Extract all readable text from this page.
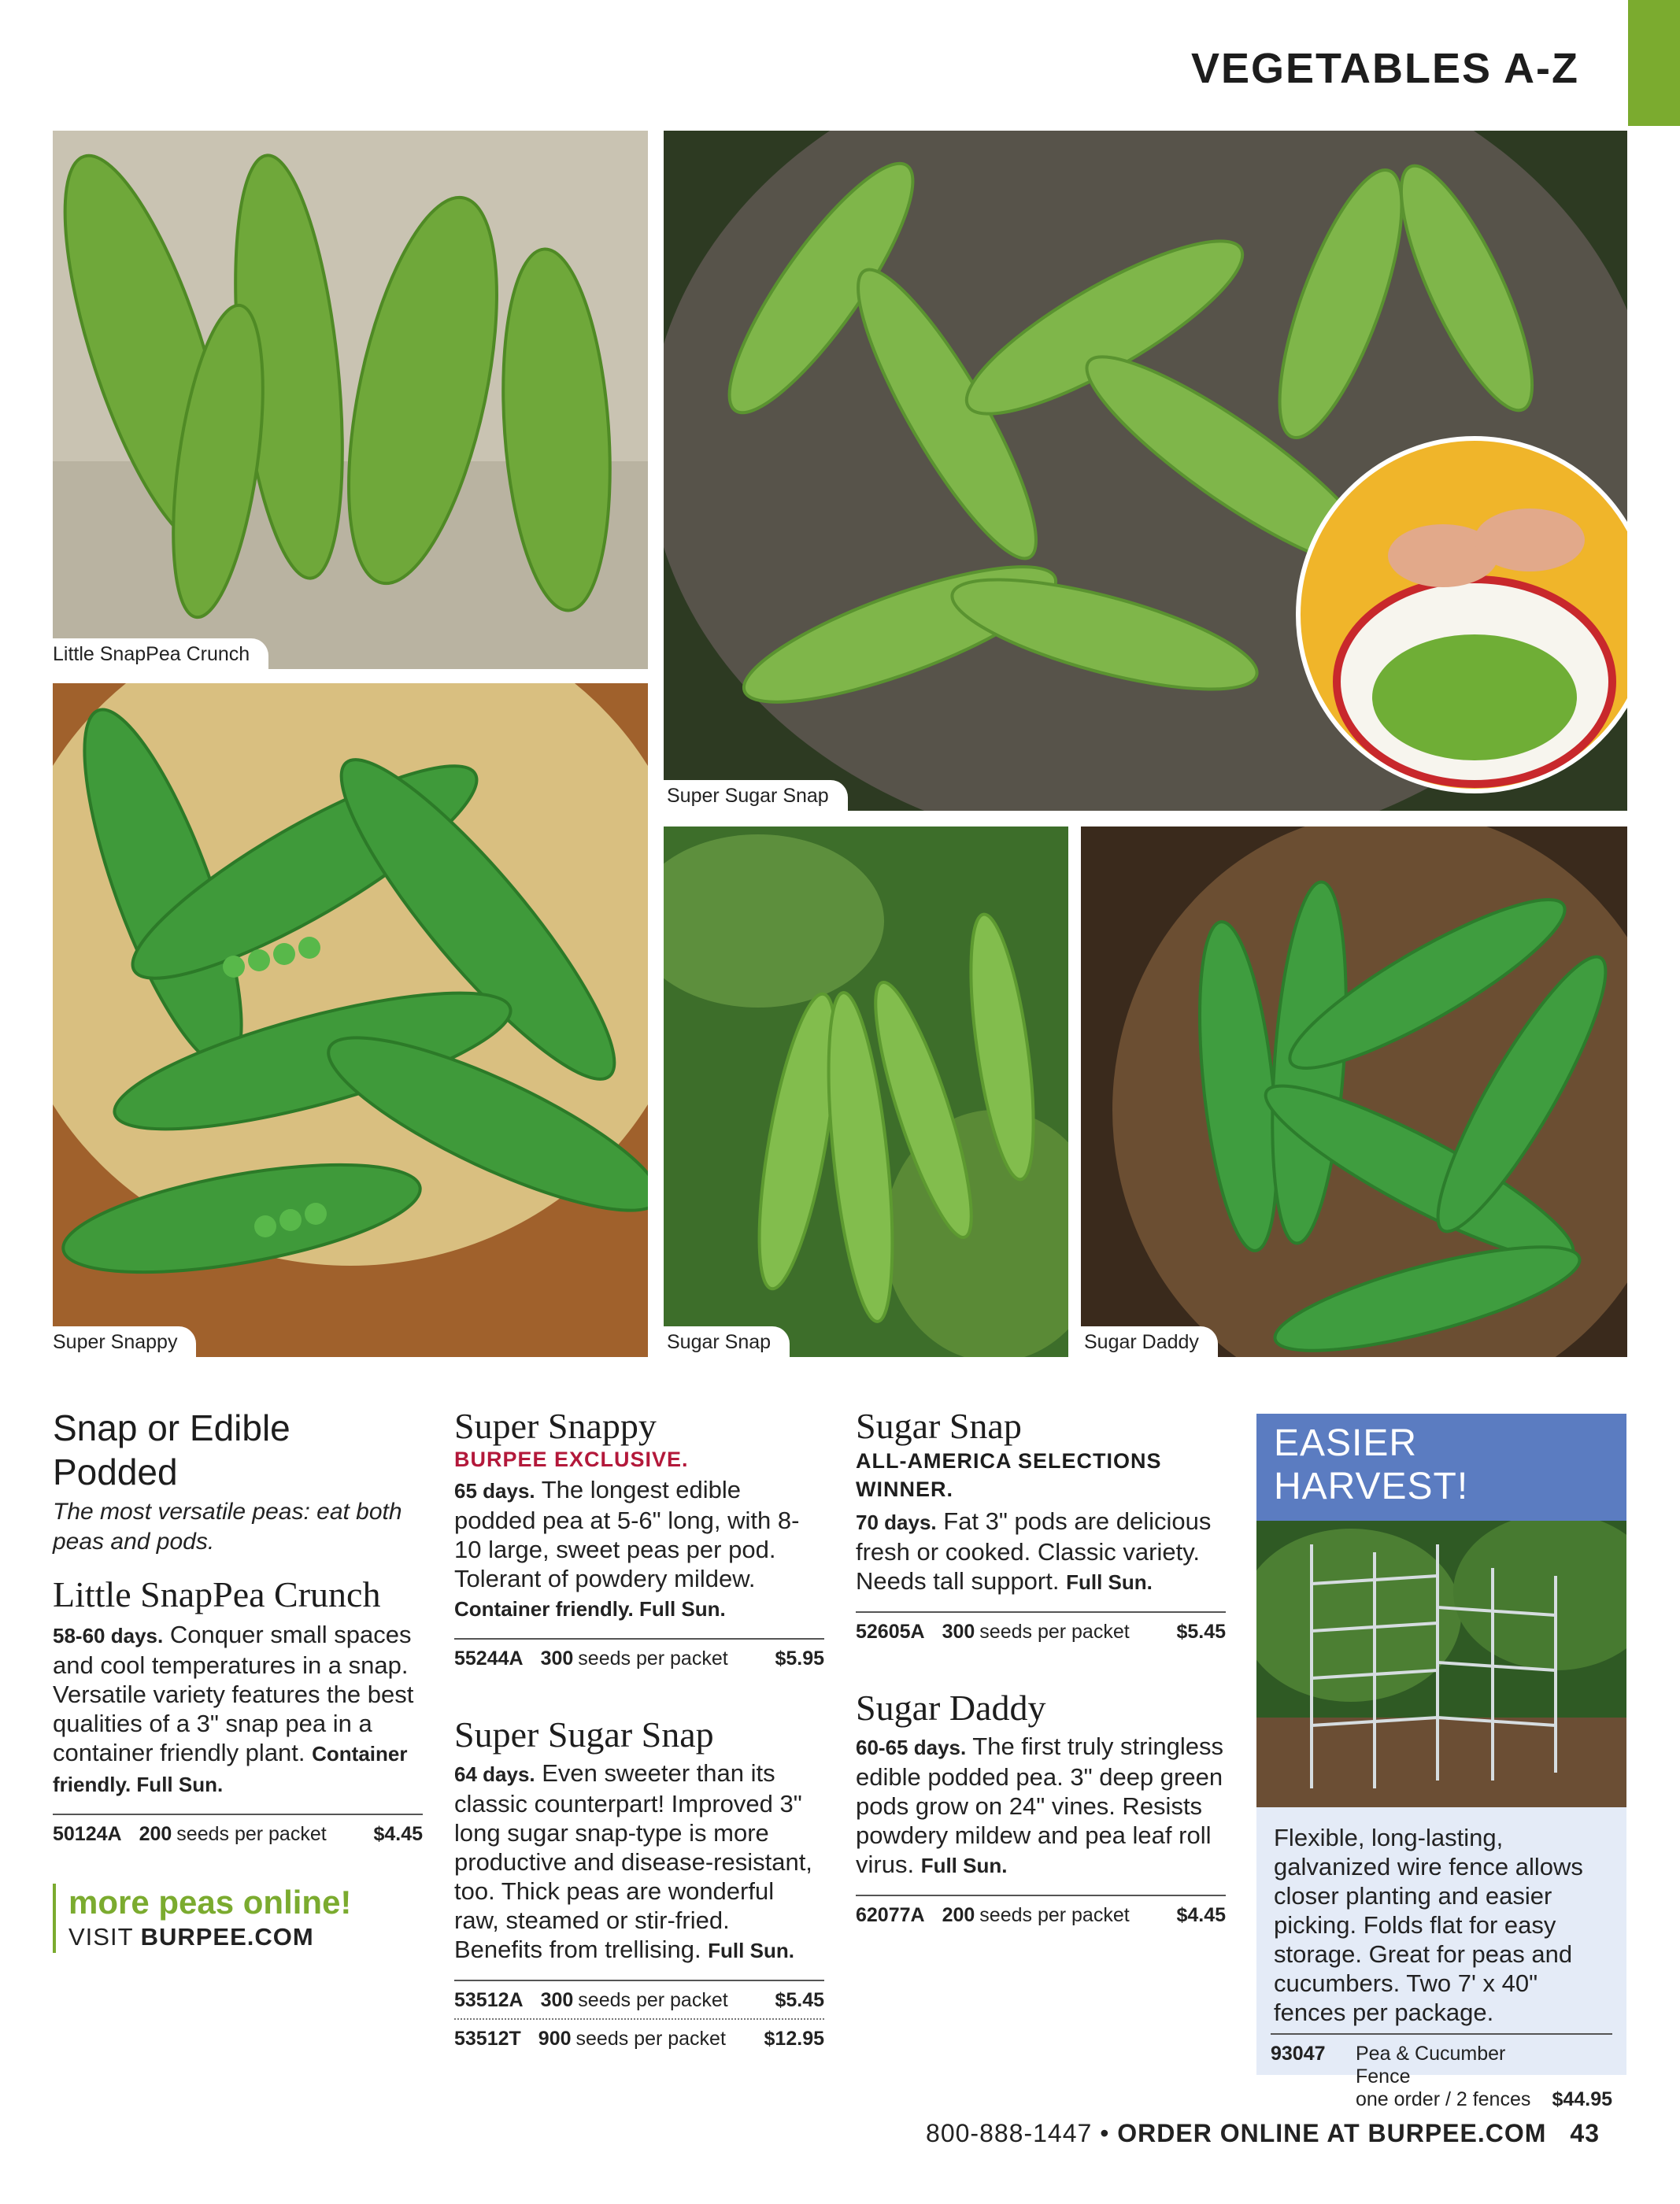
VEGETABLES A-Z
Little SnapPea Crunch
Super Sugar Snap
Super Snappy	Sugar Snap	Sugar Daddy
Snap or Edible Podded
The most versatile peas: eat both peas and pods.
Little SnapPea Crunch
58-60 days. Conquer small spaces and cool temperatures in a snap. Versatile variety features the best qualities of a 3" snap pea in a container friendly plant. Container friendly. Full Sun.
50124A 200 seeds per packet $4.45
more peas online!
VISIT BURPEE.COM
Super Snappy
BURPEE EXCLUSIVE.
65 days. The longest edible podded pea at 5-6" long, with 8-10 large, sweet peas per pod. Tolerant of powdery mildew. Container friendly. Full Sun.
55244A 300 seeds per packet $5.95
Super Sugar Snap
64 days. Even sweeter than its classic counterpart! Improved 3" long sugar snap-type is more productive and disease-resistant, too. Thick peas are wonderful raw, steamed or stir-fried. Benefits from trellising. Full Sun.
53512A 300 seeds per packet $5.45
53512T 900 seeds per packet $12.95
Sugar Snap
ALL-AMERICA SELECTIONS WINNER.
70 days. Fat 3" pods are delicious fresh or cooked. Classic variety. Needs tall support. Full Sun.
52605A 300 seeds per packet $5.45
Sugar Daddy
60-65 days. The first truly stringless edible podded pea. 3" deep green pods grow on 24" vines. Resists powdery mildew and pea leaf roll virus. Full Sun.
62077A 200 seeds per packet $4.45
EASIER HARVEST!
Flexible, long-lasting, galvanized wire fence allows closer planting and easier picking. Folds flat for easy storage. Great for peas and cucumbers. Two 7' x 40" fences per package.
93047	Pea & Cucumber Fence
one order / 2 fences	$44.95
800-888-1447 • ORDER ONLINE AT BURPEE.COM 43
